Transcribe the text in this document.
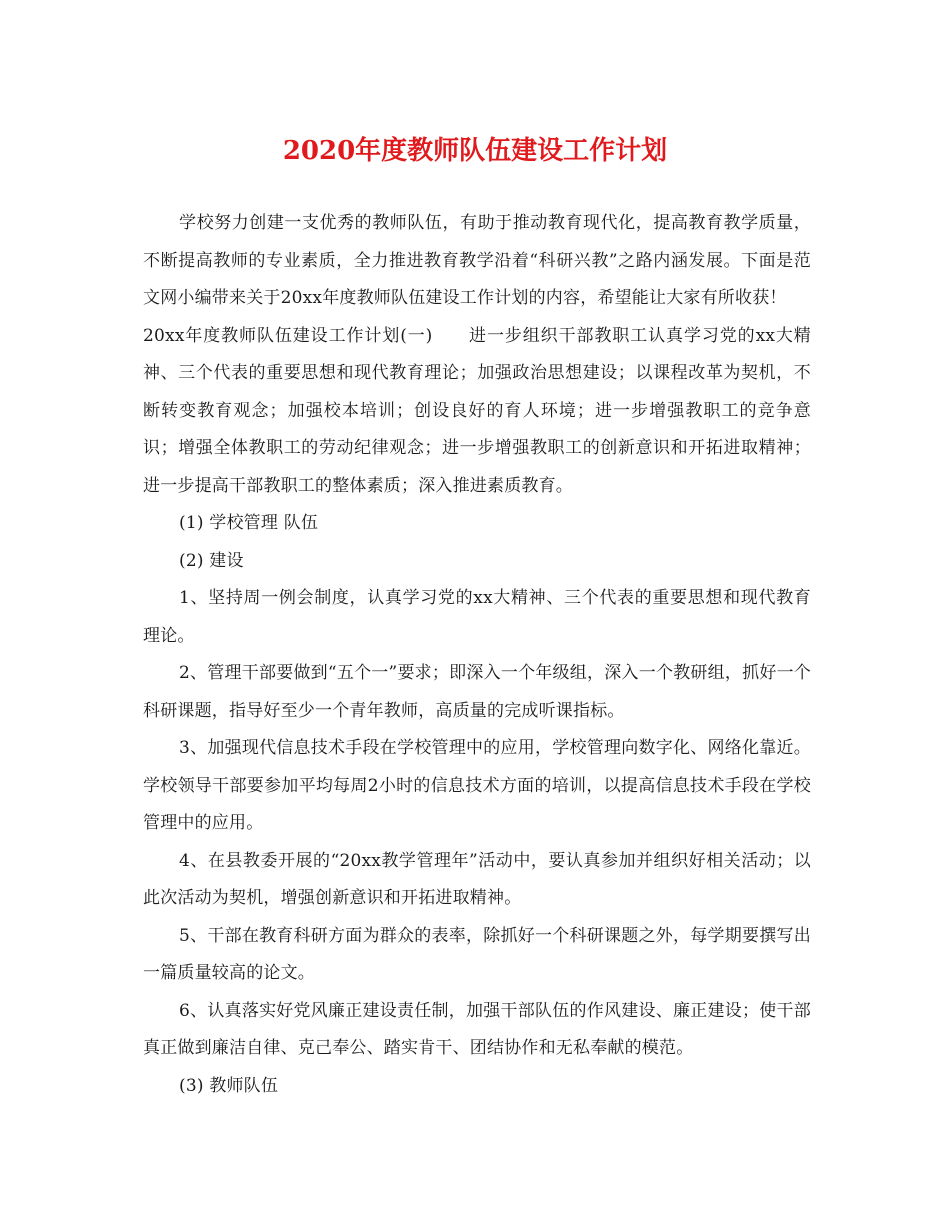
2020年度教师队伍建设工作计划

学校努力创建一支优秀的教师队伍，有助于推动教育现代化，提高教育教学质量，不断提高教师的专业素质，全力推进教育教学沿着“科研兴教”之路内涵发展。下面是范文网小编带来关于20xx年度教师队伍建设工作计划的内容，希望能让大家有所收获！

20xx年度教师队伍建设工作计划(一)　　进一步组织干部教职工认真学习党的xx大精神、三个代表的重要思想和现代教育理论；加强政治思想建设；以课程改革为契机，不断转变教育观念；加强校本培训；创设良好的育人环境；进一步增强教职工的竞争意识；增强全体教职工的劳动纪律观念；进一步增强教职工的创新意识和开拓进取精神；进一步提高干部教职工的整体素质；深入推进素质教育。

(1) 学校管理 队伍

(2) 建设

1、坚持周一例会制度，认真学习党的xx大精神、三个代表的重要思想和现代教育理论。

2、管理干部要做到“五个一”要求；即深入一个年级组，深入一个教研组，抓好一个科研课题，指导好至少一个青年教师，高质量的完成听课指标。

3、加强现代信息技术手段在学校管理中的应用，学校管理向数字化、网络化靠近。学校领导干部要参加平均每周2小时的信息技术方面的培训，以提高信息技术手段在学校管理中的应用。

4、在县教委开展的“20xx教学管理年”活动中，要认真参加并组织好相关活动；以此次活动为契机，增强创新意识和开拓进取精神。

5、干部在教育科研方面为群众的表率，除抓好一个科研课题之外，每学期要撰写出一篇质量较高的论文。

6、认真落实好党风廉正建设责任制，加强干部队伍的作风建设、廉正建设；使干部真正做到廉洁自律、克己奉公、踏实肯干、团结协作和无私奉献的模范。

(3) 教师队伍
